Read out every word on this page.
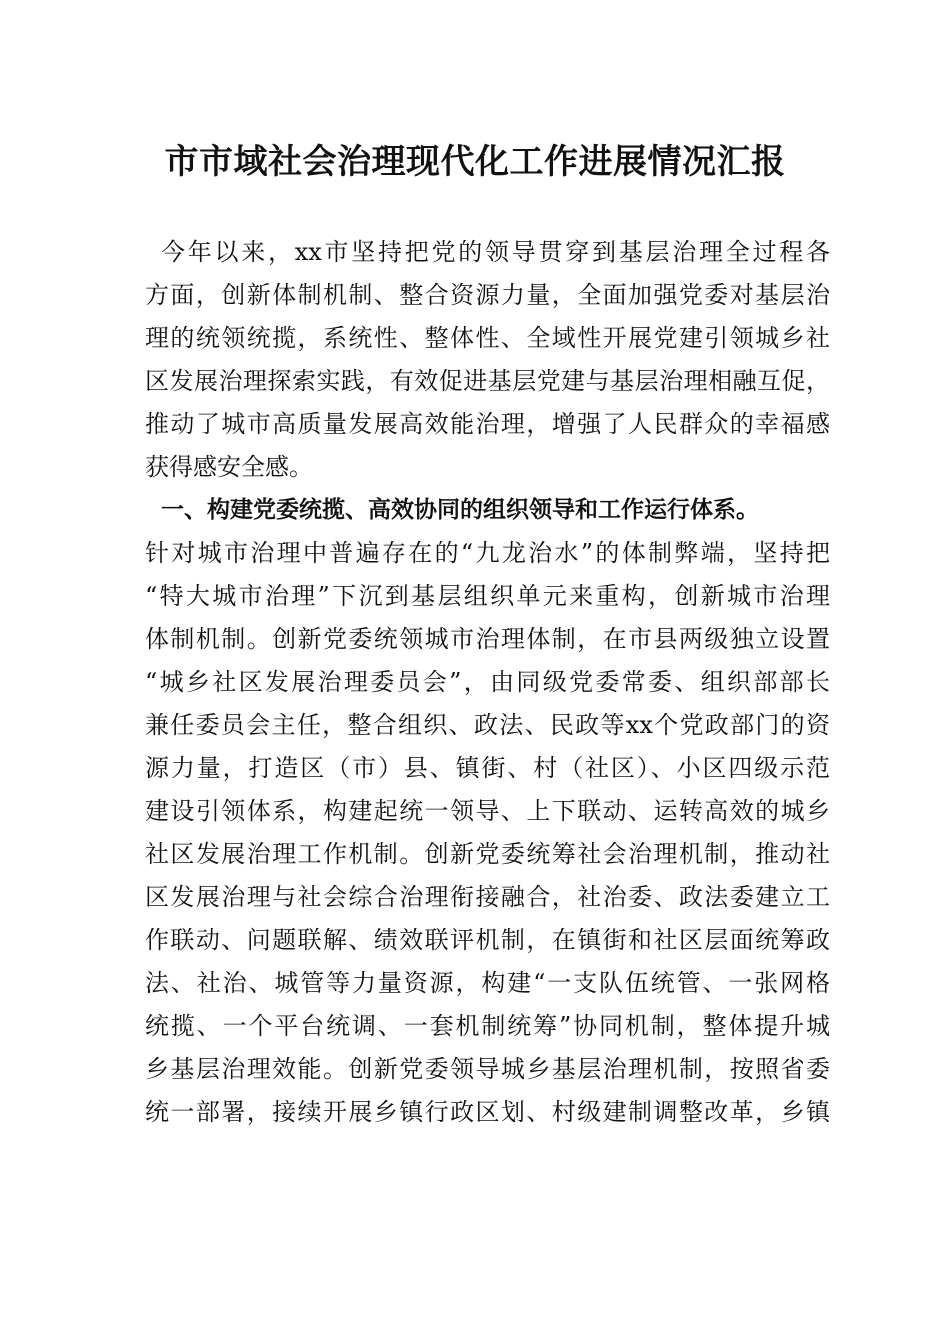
市市域社会治理现代化工作进展情况汇报
今年以来，xx市坚持把党的领导贯穿到基层治理全过程各
方面，创新体制机制、整合资源力量，全面加强党委对基层治
理的统领统揽，系统性、整体性、全域性开展党建引领城乡社
区发展治理探索实践，有效促进基层党建与基层治理相融互促，
推动了城市高质量发展高效能治理，增强了人民群众的幸福感
获得感安全感。
一、构建党委统揽、高效协同的组织领导和工作运行体系。
针对城市治理中普遍存在的“九龙治水”的体制弊端，坚持把
“特大城市治理”下沉到基层组织单元来重构，创新城市治理
体制机制。创新党委统领城市治理体制，在市县两级独立设置
“城乡社区发展治理委员会”，由同级党委常委、组织部部长
兼任委员会主任，整合组织、政法、民政等xx个党政部门的资
源力量，打造区（市）县、镇街、村（社区）、小区四级示范
建设引领体系，构建起统一领导、上下联动、运转高效的城乡
社区发展治理工作机制。创新党委统筹社会治理机制，推动社
区发展治理与社会综合治理衔接融合，社治委、政法委建立工
作联动、问题联解、绩效联评机制，在镇街和社区层面统筹政
法、社治、城管等力量资源，构建“一支队伍统管、一张网格
统揽、一个平台统调、一套机制统筹”协同机制，整体提升城
乡基层治理效能。创新党委领导城乡基层治理机制，按照省委
统一部署，接续开展乡镇行政区划、村级建制调整改革，乡镇
